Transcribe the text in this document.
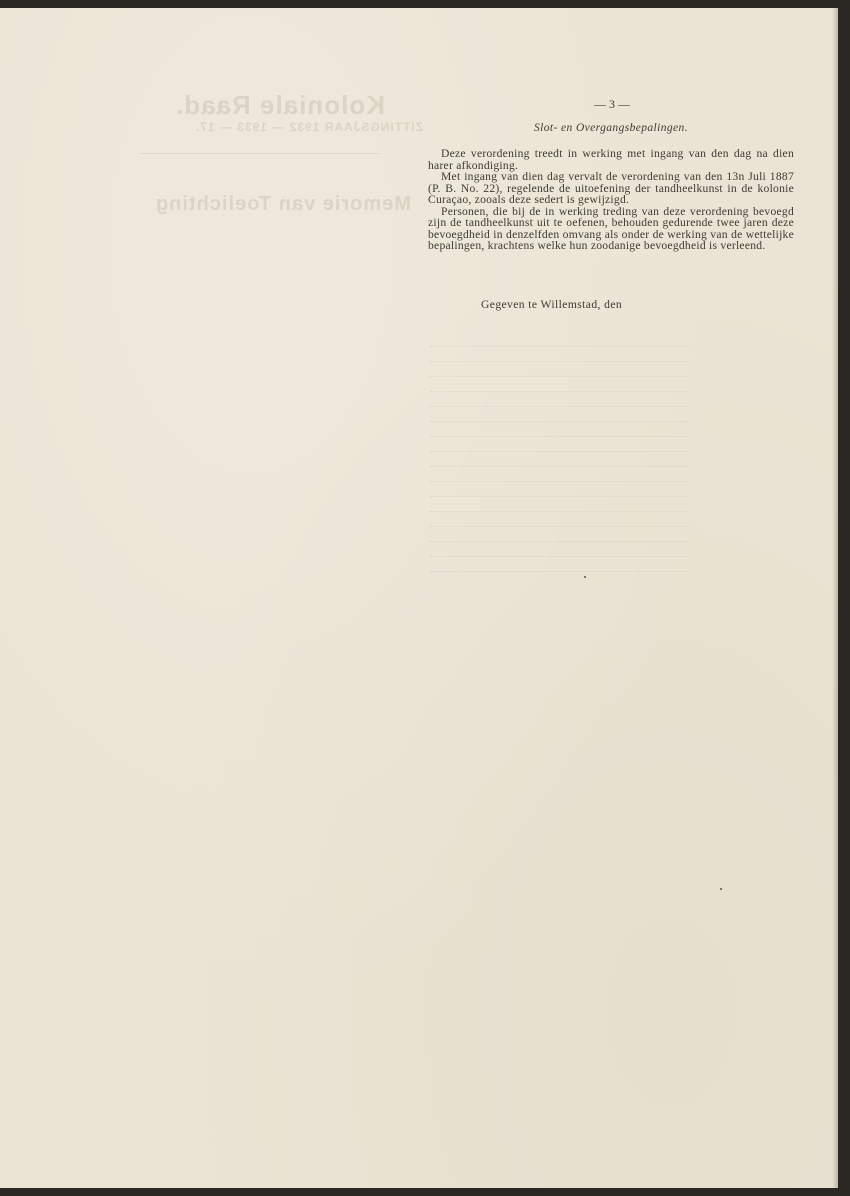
Koloniale Raad.
ZITTINGSJAAR 1932 — 1933 — 17.
Memorie van Toelichting
— 3 —
Slot- en Overgangsbepalingen.

Deze verordening treedt in werking met ingang van den dag na dien harer afkondiging.

Met ingang van dien dag vervalt de verordening van den 13n Juli 1887 (P. B. No. 22), regelende de uitoefening der tandheelkunst in de kolonie Curaçao, zooals deze sedert is gewijzigd.

Personen, die bij de in werking treding van deze verordening bevoegd zijn de tandheelkunst uit te oefenen, behouden gedurende twee jaren deze bevoegdheid in denzelfden omvang als onder de werking van de wettelijke bepalingen, krachtens welke hun zoodanige bevoegdheid is verleend.

Gegeven te Willemstad, den
